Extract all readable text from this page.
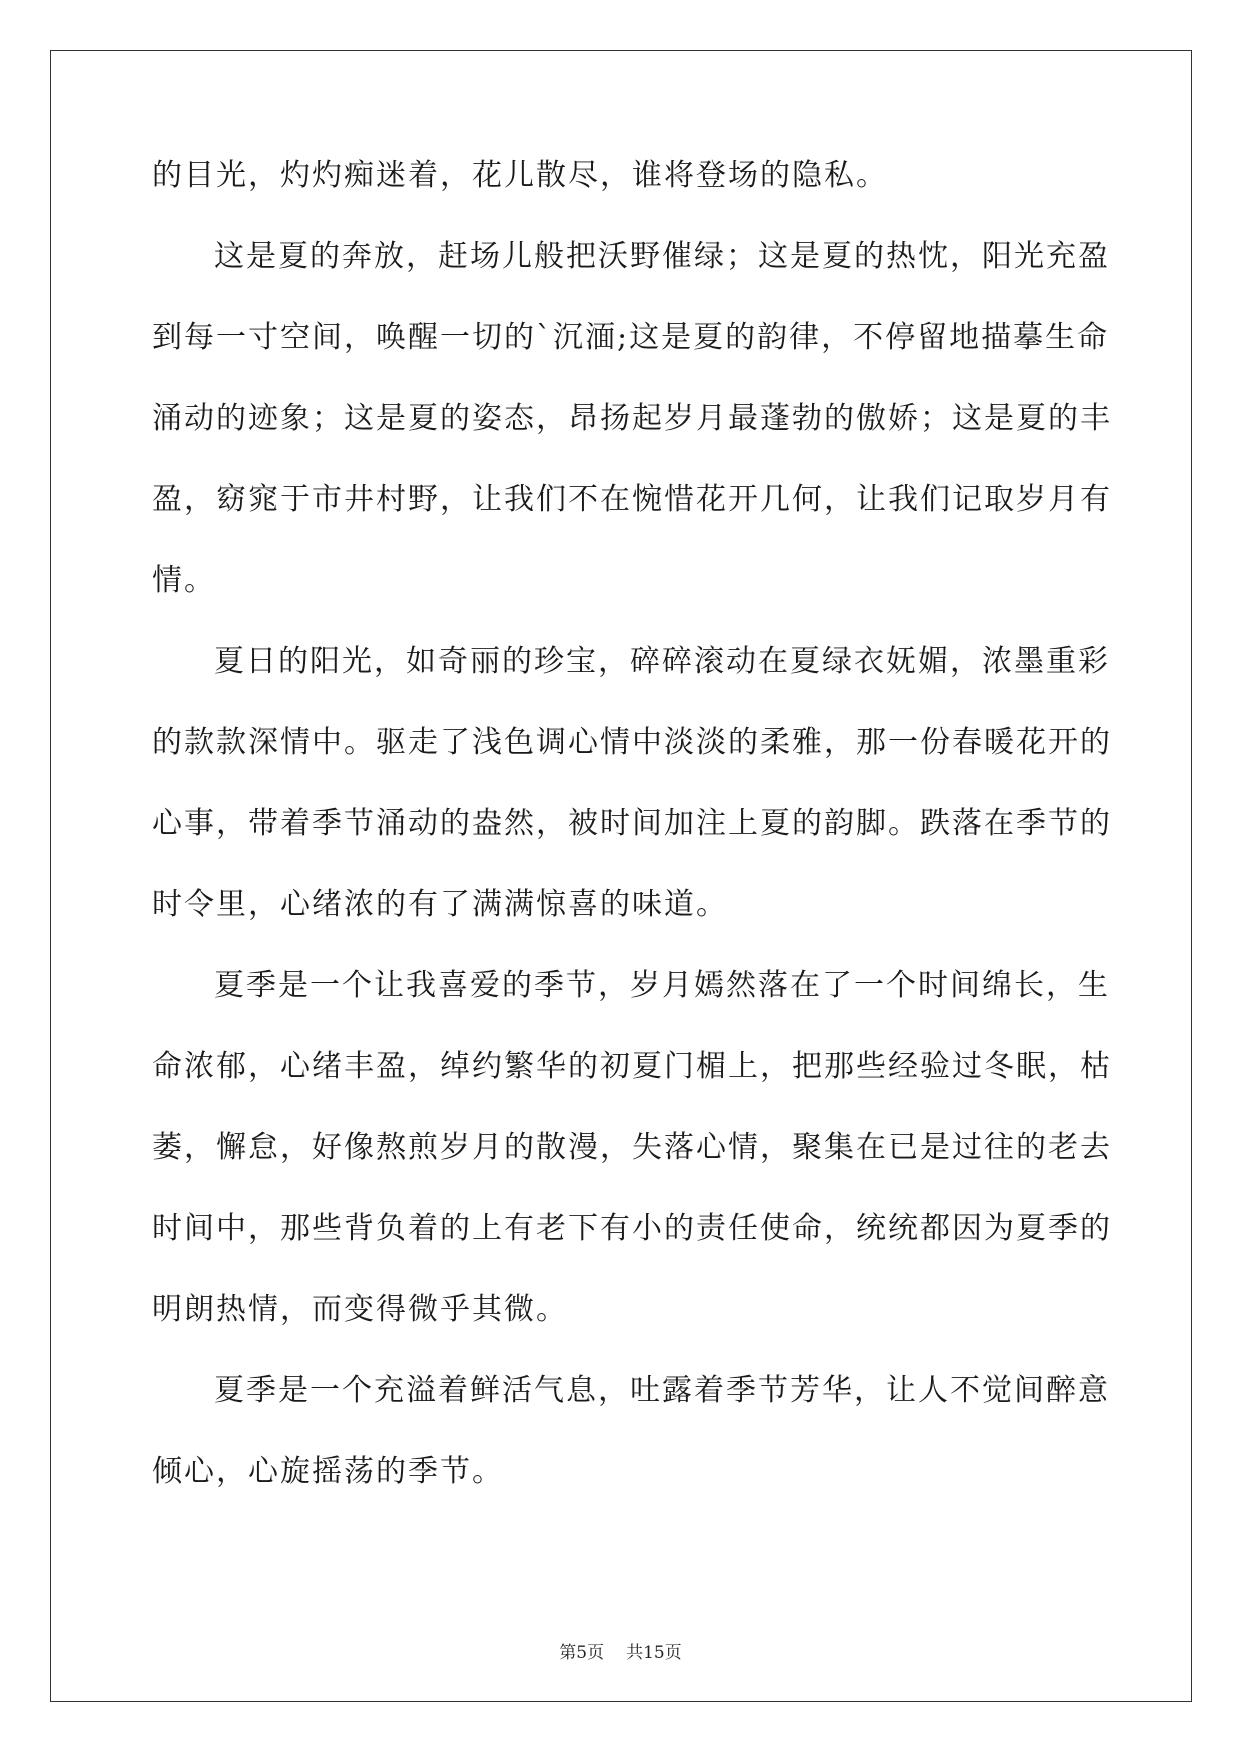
的目光，灼灼痴迷着，花儿散尽，谁将登场的隐私。
这是夏的奔放，赶场儿般把沃野催绿；这是夏的热忱，阳光充盈
到每一寸空间，唤醒一切的`沉湎;这是夏的韵律，不停留地描摹生命
涌动的迹象；这是夏的姿态，昂扬起岁月最蓬勃的傲娇；这是夏的丰
盈，窈窕于市井村野，让我们不在惋惜花开几何，让我们记取岁月有
情。
夏日的阳光，如奇丽的珍宝，碎碎滚动在夏绿衣妩媚，浓墨重彩
的款款深情中。驱走了浅色调心情中淡淡的柔雅，那一份春暖花开的
心事，带着季节涌动的盎然，被时间加注上夏的韵脚。跌落在季节的
时令里，心绪浓的有了满满惊喜的味道。
夏季是一个让我喜爱的季节，岁月嫣然落在了一个时间绵长，生
命浓郁，心绪丰盈，绰约繁华的初夏门楣上，把那些经验过冬眠，枯
萎，懈怠，好像熬煎岁月的散漫，失落心情，聚集在已是过往的老去
时间中，那些背负着的上有老下有小的责任使命，统统都因为夏季的
明朗热情，而变得微乎其微。
夏季是一个充溢着鲜活气息，吐露着季节芳华，让人不觉间醉意
倾心，心旋摇荡的季节。
第5页 共15页
